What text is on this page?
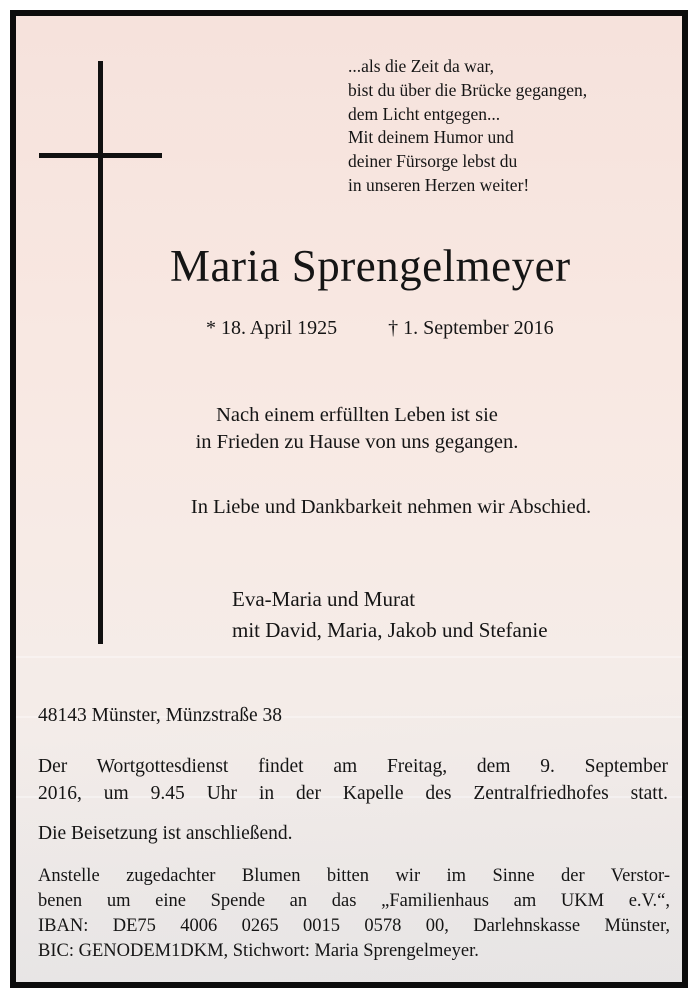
...als die Zeit da war,
bist du über die Brücke gegangen,
dem Licht entgegen...
Mit deinem Humor und
deiner Fürsorge lebst du
in unseren Herzen weiter!
Maria Sprengelmeyer
* 18. April 1925	† 1. September 2016
Nach einem erfüllten Leben ist sie
in Frieden zu Hause von uns gegangen.
In Liebe und Dankbarkeit nehmen wir Abschied.
Eva-Maria und Murat
mit David, Maria, Jakob und Stefanie
48143 Münster, Münzstraße 38
Der Wortgottesdienst findet am Freitag, dem 9. September
2016, um 9.45 Uhr in der Kapelle des Zentralfriedhofes statt.
Die Beisetzung ist anschließend.
Anstelle zugedachter Blumen bitten wir im Sinne der Verstor-
benen um eine Spende an das „Familienhaus am UKM e.V.“,
IBAN: DE75 4006 0265 0015 0578 00, Darlehnskasse Münster,
BIC: GENODEM1DKM, Stichwort: Maria Sprengelmeyer.
